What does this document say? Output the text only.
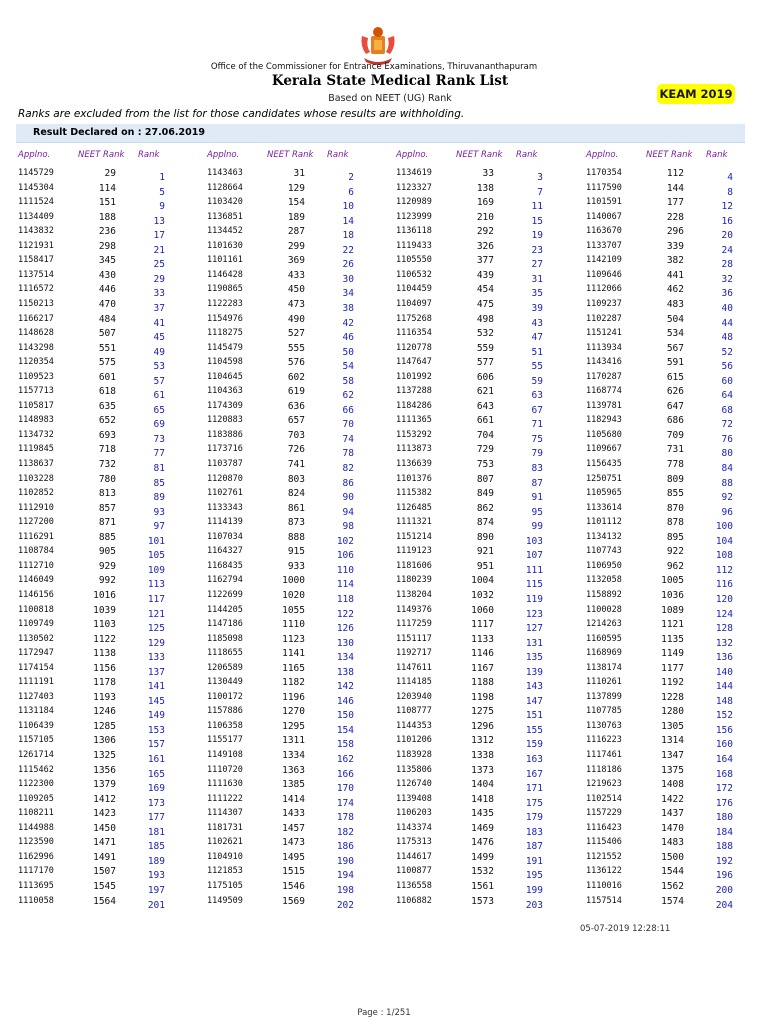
Office of the Commissioner for Entrance Examinations, Thiruvananthapuram
Kerala State Medical Rank List
Based on NEET (UG) Rank	KEAM 2019
Ranks are excluded from the list for those candidates whose results are withholding.
Result Declared on : 27.06.2019
Applno.	NEET Rank Rank
1145729	29	1
1145304	114	5
1111524	151	9
1134409	188	13
1143832	236	17
1121931	298	21
1158417	345	25
1137514	430	29
1116572	446	33
1150213	470	37
1166217	484	41
1148628	507	45
1143298	551	49
1120354	575	53
1109523	601	57
1157713	618	61
1105817	635	65
1148983	652	69
1134732	693	73
1119845	718	77
1138637	732	81
1103228	780	85
1102852	813	89
1112910	857	93
1127200	871	97
1116291	885	101
1108784	905	105
1112710	929	109
1146049	992	113
1146156	1016	117
1100818	1039	121
1109749	1103	125
1130502	1122	129
1172947	1138	133
1174154	1156	137
1111191	1178	141
1127403	1193	145
1131184	1246	149
1106439	1285	153
1157105	1306	157
1261714	1325	161
1115462	1356	165
1122300	1379	169
1109205	1412	173
1108211	1423	177
1144988	1450	181
1123590	1471	185
1162996	1491	189
1117170	1507	193
1113695	1545	197
1110058	1564	201
Applno.	NEET Rank Rank
1143463	31	2
1128664	129	6
1103420	154	10
1136851	189	14
1134452	287	18
1101630	299	22
1101161	369	26
1146428	433	30
1190865	450	34
1122283	473	38
1154976	490	42
1118275	527	46
1145479	555	50
1104598	576	54
1104645	602	58
1104363	619	62
1174309	636	66
1120883	657	70
1183886	703	74
1173716	726	78
1103787	741	82
1120870	803	86
1102761	824	90
1133343	861	94
1114139	873	98
1107034	888	102
1164327	915	106
1168435	933	110
1162794	1000	114
1122699	1020	118
1144205	1055	122
1147186	1110	126
1185098	1123	130
1118655	1141	134
1206589	1165	138
1130449	1182	142
1100172	1196	146
1157886	1270	150
1106358	1295	154
1155177	1311	158
1149108	1334	162
1110720	1363	166
1111630	1385	170
1111222	1414	174
1114307	1433	178
1181731	1457	182
1102621	1473	186
1104910	1495	190
1121853	1515	194
1175105	1546	198
1149509	1569	202
Applno.	NEET Rank Rank
1134619	33	3
1123327	138	7
1120989	169	11
1123999	210	15
1136118	292	19
1119433	326	23
1105550	377	27
1106532	439	31
1104459	454	35
1104097	475	39
1175268	498	43
1116354	532	47
1120778	559	51
1147647	577	55
1101992	606	59
1137288	621	63
1184286	643	67
1111365	661	71
1153292	704	75
1113873	729	79
1136639	753	83
1101376	807	87
1115382	849	91
1126485	862	95
1111321	874	99
1151214	890	103
1119123	921	107
1181606	951	111
1180239	1004	115
1138204	1032	119
1149376	1060	123
1117259	1117	127
1151117	1133	131
1192717	1146	135
1147611	1167	139
1114185	1188	143
1203940	1198	147
1108777	1275	151
1144353	1296	155
1101206	1312	159
1183928	1338	163
1135806	1373	167
1126740	1404	171
1139408	1418	175
1106203	1435	179
1143374	1469	183
1175313	1476	187
1144617	1499	191
1100877	1532	195
1136558	1561	199
1106882	1573	203
Applno.	NEET Rank Rank
1170354	112	4
1117590	144	8
1101591	177	12
1140067	228	16
1163670	296	20
1133707	339	24
1142109	382	28
1109646	441	32
1112066	462	36
1109237	483	40
1102287	504	44
1151241	534	48
1113934	567	52
1143416	591	56
1170287	615	60
1168774	626	64
1139781	647	68
1182943	686	72
1105680	709	76
1109667	731	80
1156435	778	84
1250751	809	88
1105965	855	92
1133614	870	96
1101112	878	100
1134132	895	104
1107743	922	108
1106950	962	112
1132058	1005	116
1158892	1036	120
1100028	1089	124
1214263	1121	128
1160595	1135	132
1168969	1149	136
1138174	1177	140
1110261	1192	144
1137899	1228	148
1107785	1280	152
1130763	1305	156
1116223	1314	160
1117461	1347	164
1118186	1375	168
1219623	1408	172
1102514	1422	176
1157229	1437	180
1116423	1470	184
1115406	1483	188
1121552	1500	192
1136122	1544	196
1110016	1562	200
1157514	1574	204
05-07-2019 12:28:11
Page : 1/251
